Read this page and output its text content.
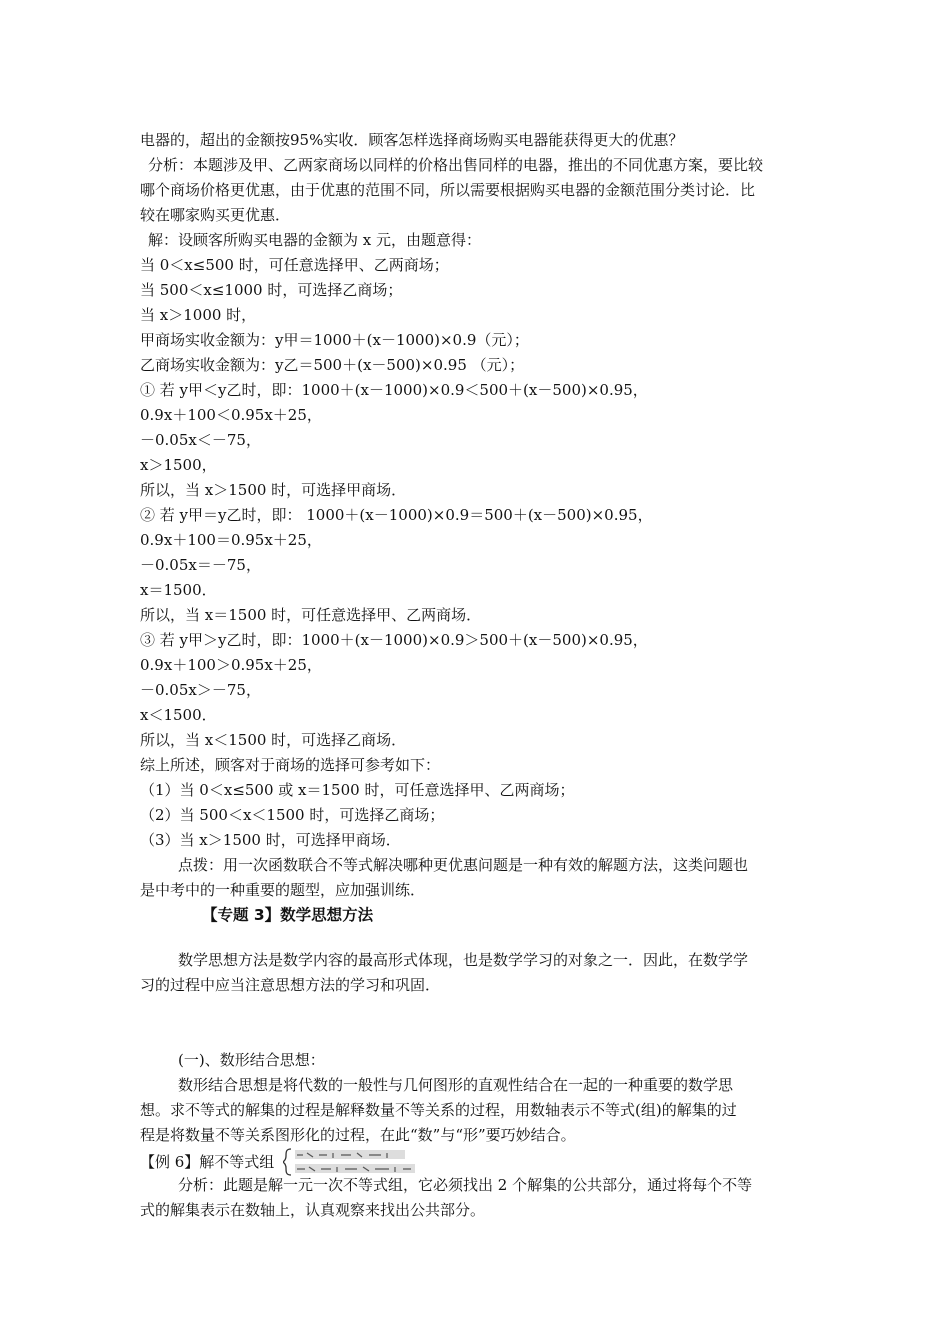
电器的，超出的金额按95%实收．顾客怎样选择商场购买电器能获得更大的优惠？
分析：本题涉及甲、乙两家商场以同样的价格出售同样的电器，推出的不同优惠方案，要比较
哪个商场价格更优惠，由于优惠的范围不同，所以需要根据购买电器的金额范围分类讨论．比
较在哪家购买更优惠．
解：设顾客所购买电器的金额为 x 元，由题意得：
当 0＜x≤500 时，可任意选择甲、乙两商场；
当 500＜x≤1000 时，可选择乙商场；
当 x＞1000 时，
甲商场实收金额为：y甲＝1000＋(x－1000)×0.9（元）；
乙商场实收金额为：y乙＝500＋(x－500)×0.95 （元）；
① 若 y甲＜y乙时，即：1000＋(x－1000)×0.9＜500＋(x－500)×0.95，
0.9x＋100＜0.95x＋25，
－0.05x＜－75，
x＞1500，
所以，当 x＞1500 时，可选择甲商场．
② 若 y甲＝y乙时，即： 1000＋(x－1000)×0.9＝500＋(x－500)×0.95，
0.9x＋100＝0.95x＋25，
－0.05x＝－75，
x＝1500．
所以，当 x＝1500 时，可任意选择甲、乙两商场．
③ 若 y甲＞y乙时，即：1000＋(x－1000)×0.9＞500＋(x－500)×0.95，
0.9x＋100＞0.95x＋25，
－0.05x＞－75，
x＜1500．
所以，当 x＜1500 时，可选择乙商场．
综上所述，顾客对于商场的选择可参考如下：
（1）当 0＜x≤500 或 x＝1500 时，可任意选择甲、乙两商场；
（2）当 500＜x＜1500 时，可选择乙商场；
（3）当 x＞1500 时，可选择甲商场．
点拨：用一次函数联合不等式解决哪种更优惠问题是一种有效的解题方法，这类问题也
是中考中的一种重要的题型，应加强训练．
【专题 3】数学思想方法
数学思想方法是数学内容的最高形式体现，也是数学学习的对象之一．因此，在数学学
习的过程中应当注意思想方法的学习和巩固．
(一)、数形结合思想：
数形结合思想是将代数的一般性与几何图形的直观性结合在一起的一种重要的数学思
想。求不等式的解集的过程是解释数量不等关系的过程，用数轴表示不等式(组)的解集的过
程是将数量不等关系图形化的过程，在此“数”与“形”要巧妙结合。
【例 6】解不等式组
分析：此题是解一元一次不等式组，它必须找出 2 个解集的公共部分，通过将每个不等
式的解集表示在数轴上，认真观察来找出公共部分。
